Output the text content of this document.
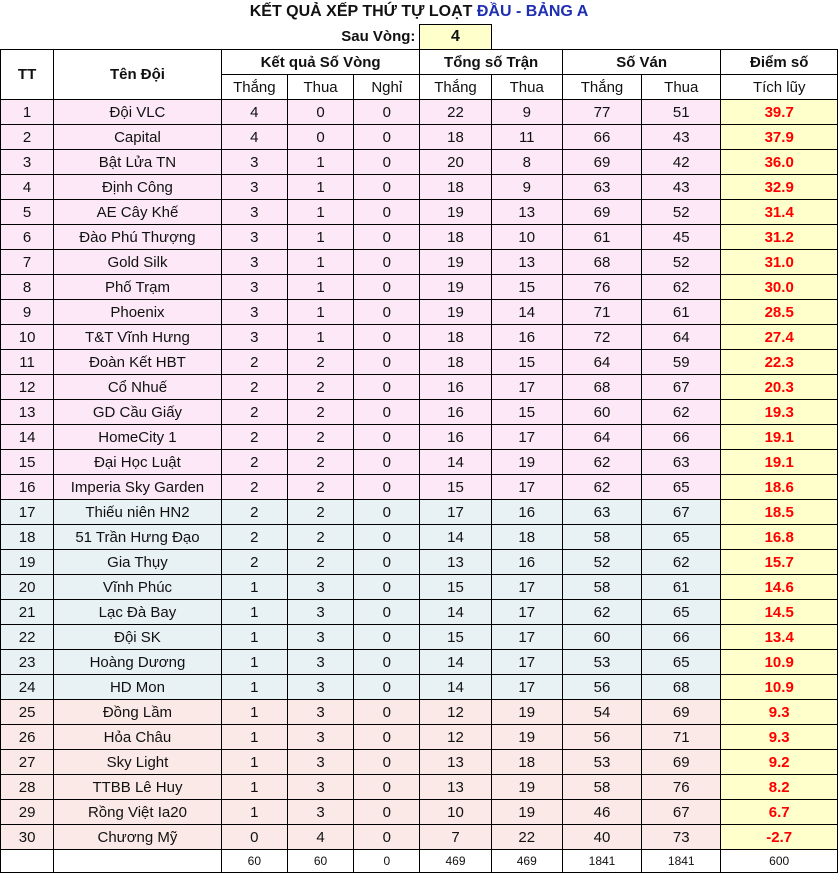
KẾT QUẢ XẾP THỨ TỰ LOẠT ĐẦU - BẢNG A									
Sau Vòng:					4				
TT	Tên Đội	Kết quả Số Vòng			Tổng số Trận		Số Ván		Điểm số
		Thắng	Thua	Nghỉ	Thắng	Thua	Thắng	Thua	Tích lũy
1	Đội VLC	4	0	0	22	9	77	51	39.7
2	Capital	4	0	0	18	11	66	43	37.9
3	Bật Lửa TN	3	1	0	20	8	69	42	36.0
4	Định Công	3	1	0	18	9	63	43	32.9
5	AE Cây Khế	3	1	0	19	13	69	52	31.4
6	Đào Phú Thượng	3	1	0	18	10	61	45	31.2
7	Gold Silk	3	1	0	19	13	68	52	31.0
8	Phố Trạm	3	1	0	19	15	76	62	30.0
9	Phoenix	3	1	0	19	14	71	61	28.5
10	T&T Vĩnh Hưng	3	1	0	18	16	72	64	27.4
11	Đoàn Kết HBT	2	2	0	18	15	64	59	22.3
12	Cổ Nhuế	2	2	0	16	17	68	67	20.3
13	GD Cầu Giấy	2	2	0	16	15	60	62	19.3
14	HomeCity 1	2	2	0	16	17	64	66	19.1
15	Đại Học Luật	2	2	0	14	19	62	63	19.1
16	Imperia Sky Garden	2	2	0	15	17	62	65	18.6
17	Thiếu niên HN2	2	2	0	17	16	63	67	18.5
18	51 Trần Hưng Đạo	2	2	0	14	18	58	65	16.8
19	Gia Thụy	2	2	0	13	16	52	62	15.7
20	Vĩnh Phúc	1	3	0	15	17	58	61	14.6
21	Lạc Đà Bay	1	3	0	14	17	62	65	14.5
22	Đội SK	1	3	0	15	17	60	66	13.4
23	Hoàng Dương	1	3	0	14	17	53	65	10.9
24	HD Mon	1	3	0	14	17	56	68	10.9
25	Đồng Lầm	1	3	0	12	19	54	69	9.3
26	Hỏa Châu	1	3	0	12	19	56	71	9.3
27	Sky Light	1	3	0	13	18	53	69	9.2
28	TTBB Lê Huy	1	3	0	13	19	58	76	8.2
29	Rồng Việt Ia20	1	3	0	10	19	46	67	6.7
30	Chương Mỹ	0	4	0	7	22	40	73	-2.7
		60	60	0	469	469	1841	1841	600
